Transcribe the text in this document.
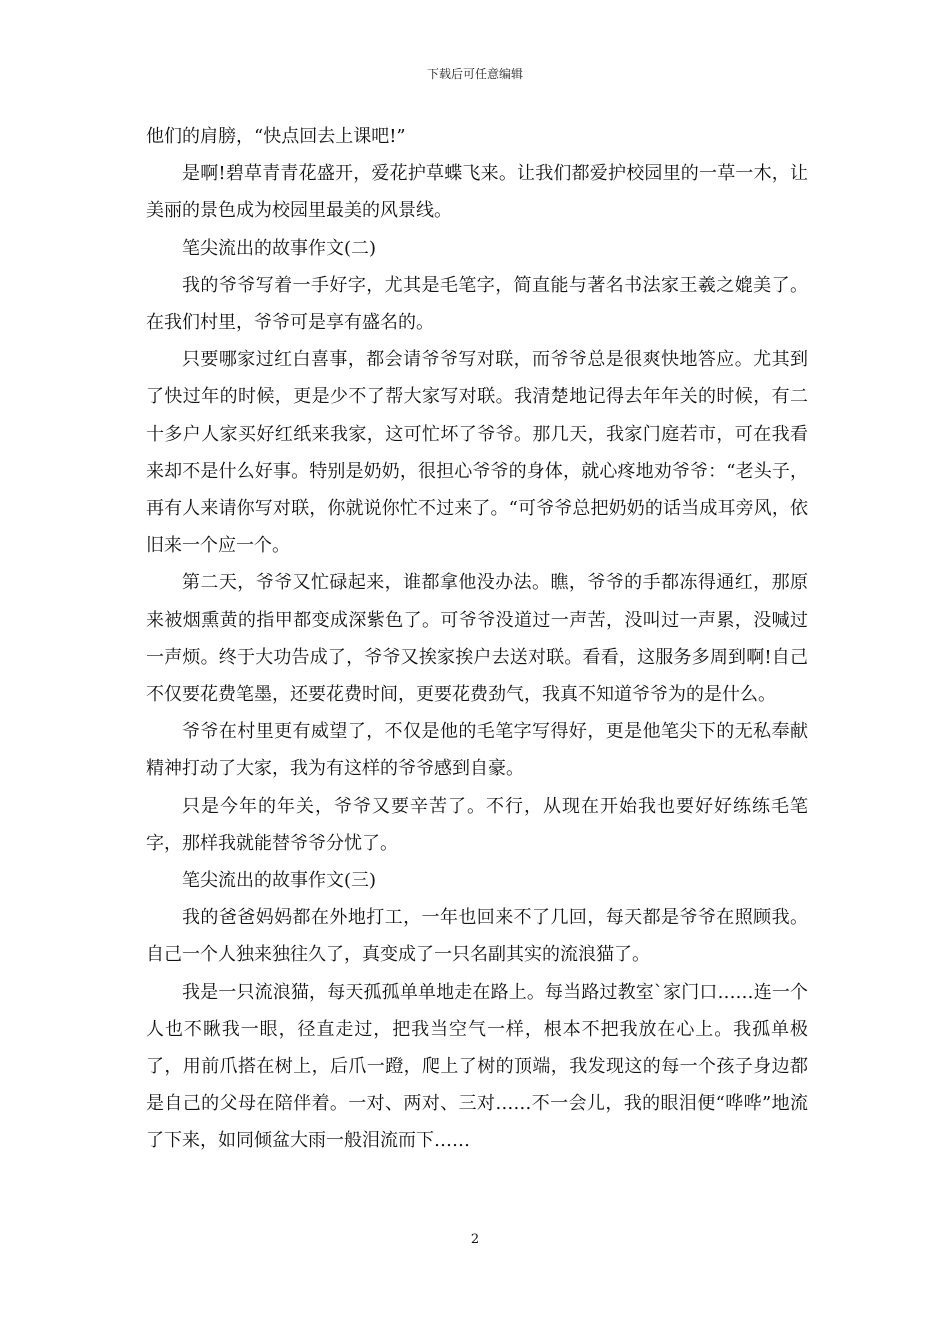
下载后可任意编辑

他们的肩膀，“快点回去上课吧!”

是啊!碧草青青花盛开，爱花护草蝶飞来。让我们都爱护校园里的一草一木，让美丽的景色成为校园里最美的风景线。

笔尖流出的故事作文(二)

我的爷爷写着一手好字，尤其是毛笔字，简直能与著名书法家王羲之媲美了。在我们村里，爷爷可是享有盛名的。

只要哪家过红白喜事，都会请爷爷写对联，而爷爷总是很爽快地答应。尤其到了快过年的时候，更是少不了帮大家写对联。我清楚地记得去年年关的时候，有二十多户人家买好红纸来我家，这可忙坏了爷爷。那几天，我家门庭若市，可在我看来却不是什么好事。特别是奶奶，很担心爷爷的身体，就心疼地劝爷爷：“老头子，再有人来请你写对联，你就说你忙不过来了。“可爷爷总把奶奶的话当成耳旁风，依旧来一个应一个。

第二天，爷爷又忙碌起来，谁都拿他没办法。瞧，爷爷的手都冻得通红，那原来被烟熏黄的指甲都变成深紫色了。可爷爷没道过一声苦，没叫过一声累，没喊过一声烦。终于大功告成了，爷爷又挨家挨户去送对联。看看，这服务多周到啊!自己不仅要花费笔墨，还要花费时间，更要花费劲气，我真不知道爷爷为的是什么。

爷爷在村里更有威望了，不仅是他的毛笔字写得好，更是他笔尖下的无私奉献精神打动了大家，我为有这样的爷爷感到自豪。

只是今年的年关，爷爷又要辛苦了。不行，从现在开始我也要好好练练毛笔字，那样我就能替爷爷分忧了。

笔尖流出的故事作文(三)

我的爸爸妈妈都在外地打工，一年也回来不了几回，每天都是爷爷在照顾我。自己一个人独来独往久了，真变成了一只名副其实的流浪猫了。

我是一只流浪猫，每天孤孤单单地走在路上。每当路过教室`家门口……连一个人也不瞅我一眼，径直走过，把我当空气一样，根本不把我放在心上。我孤单极了，用前爪搭在树上，后爪一蹬，爬上了树的顶端，我发现这的每一个孩子身边都是自己的父母在陪伴着。一对、两对、三对……不一会儿，我的眼泪便“哗哗”地流了下来，如同倾盆大雨一般泪流而下……

2
